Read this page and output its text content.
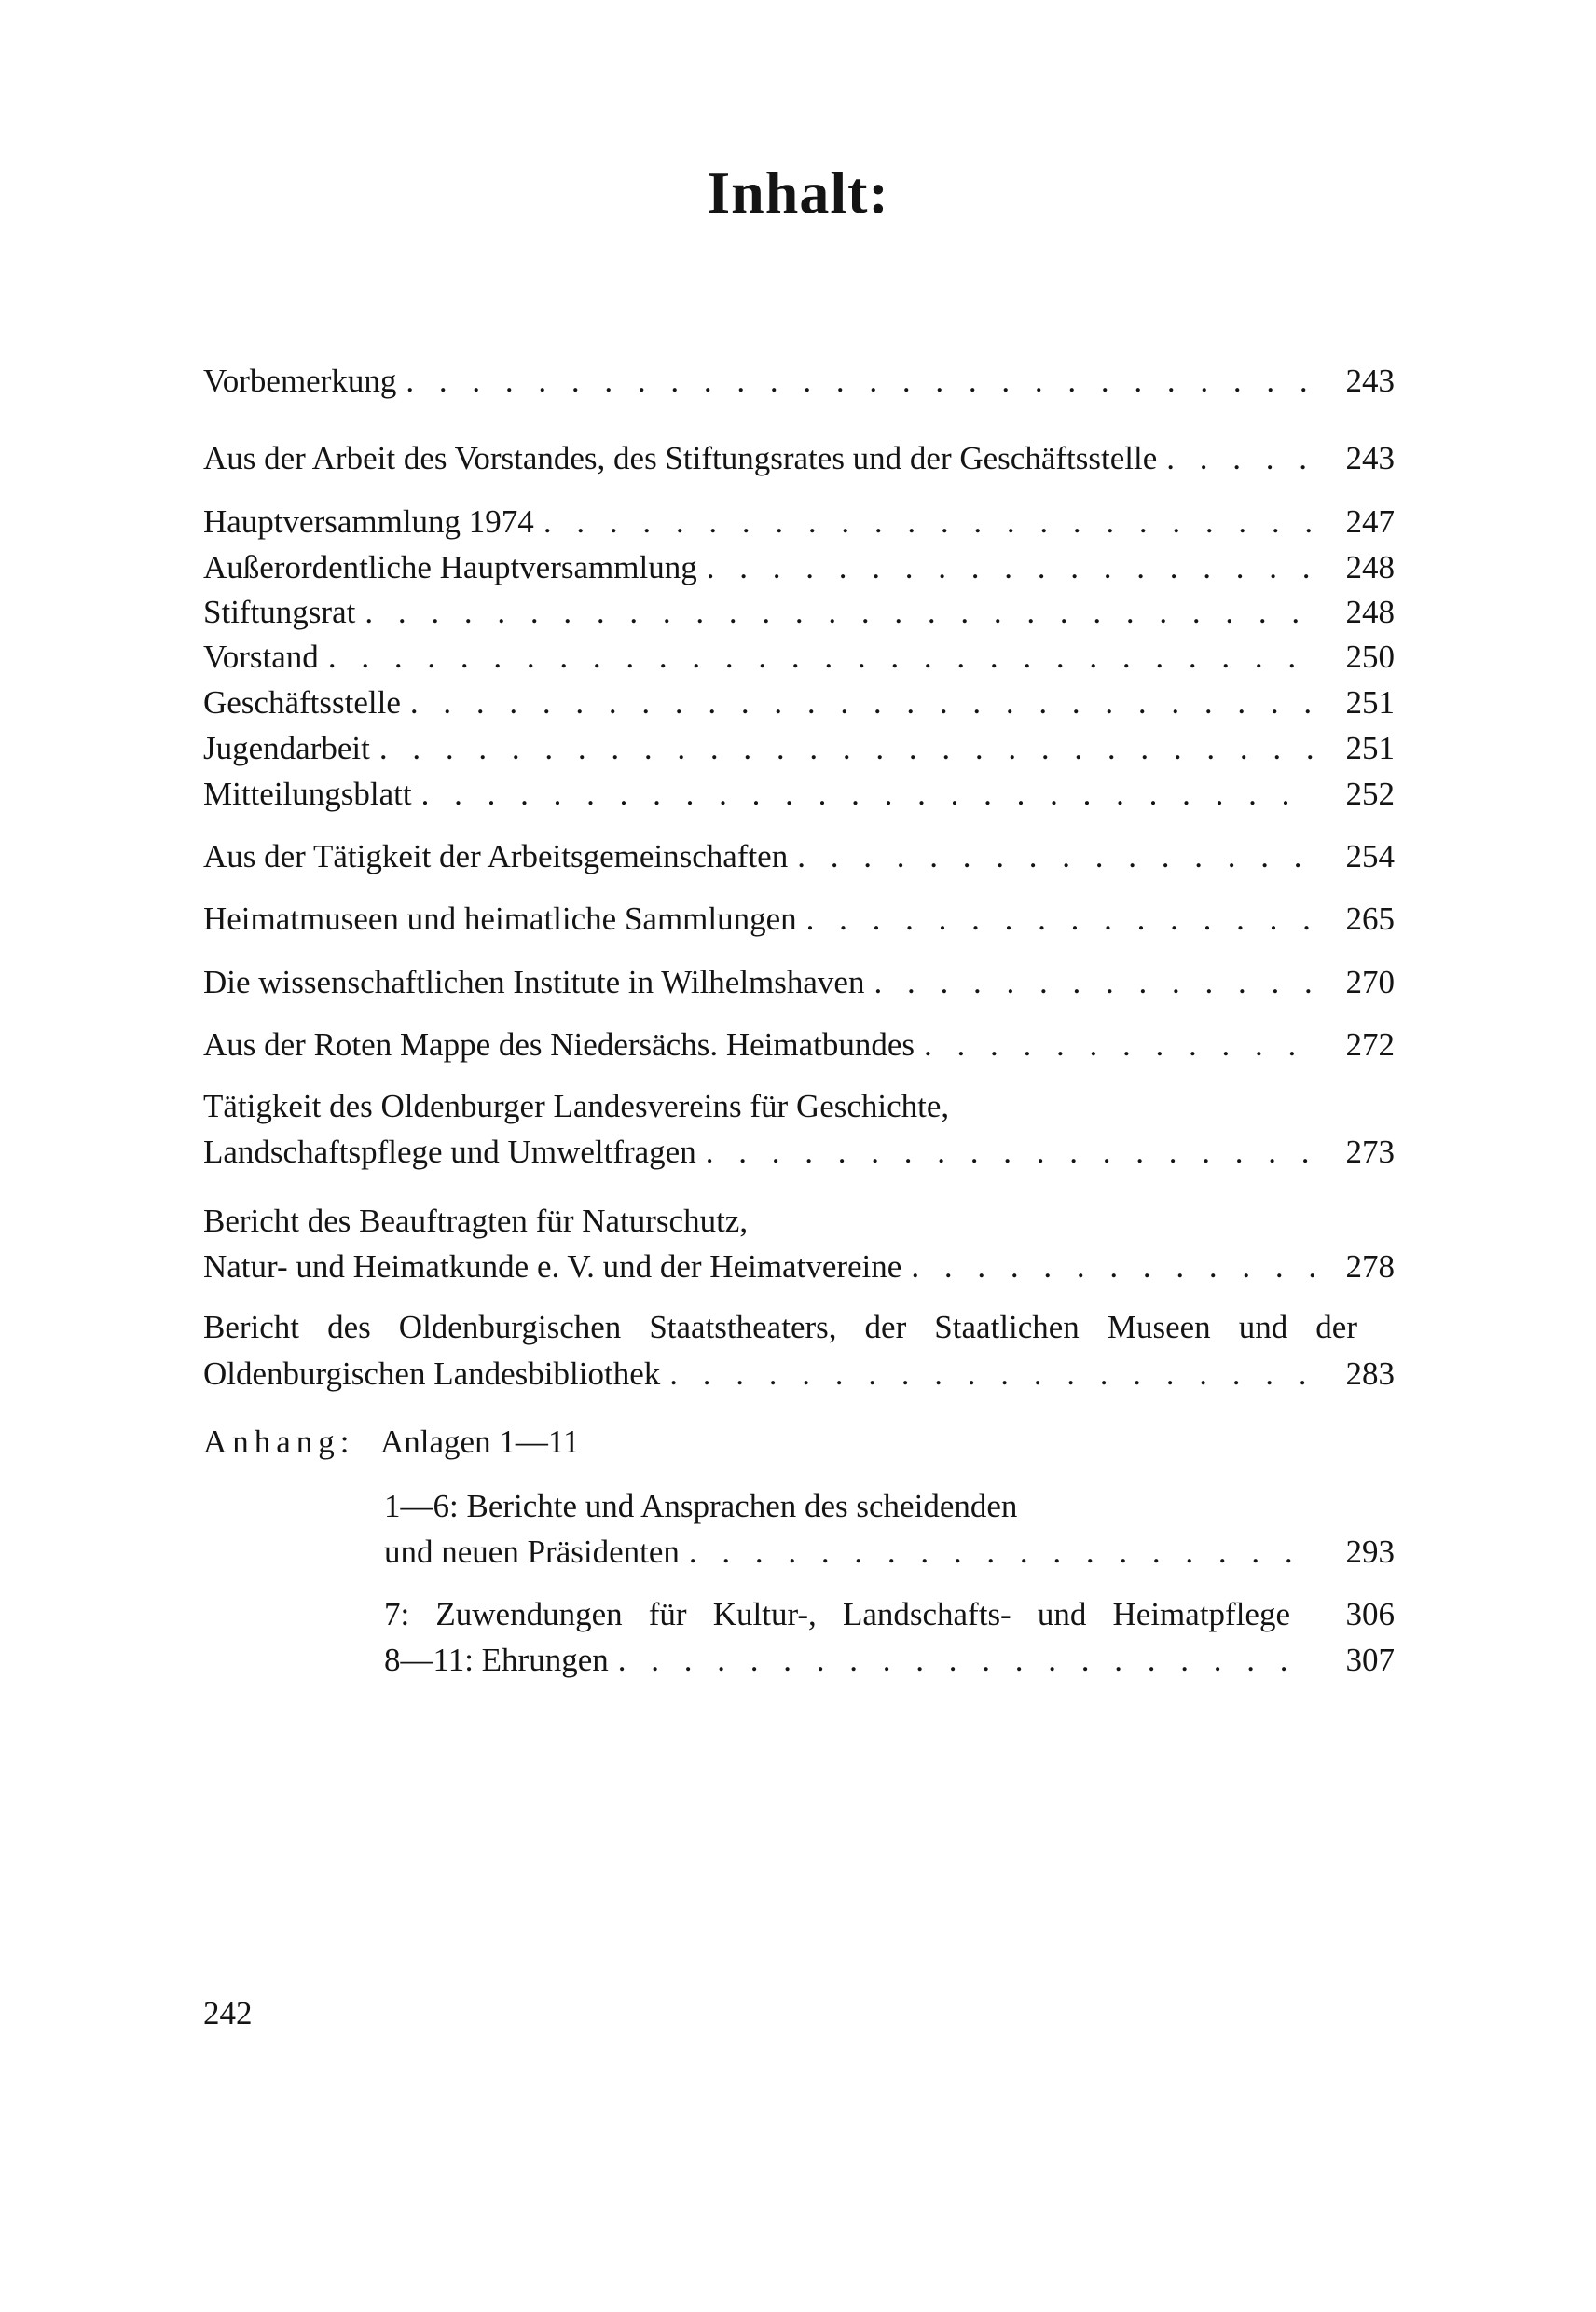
Inhalt:
Vorbemerkung . . .	243
Aus der Arbeit des Vorstandes, des Stiftungsrates und der Geschäftsstelle . . .	243
Hauptversammlung 1974 . . .	247
Außerordentliche Hauptversammlung . . .	248
Stiftungsrat . . .	248
Vorstand . . .	250
Geschäftsstelle . . .	251
Jugendarbeit . . .	251
Mitteilungsblatt . . .	252
Aus der Tätigkeit der Arbeitsgemeinschaften . . .	254
Heimatmuseen und heimatliche Sammlungen . . .	265
Die wissenschaftlichen Institute in Wilhelmshaven . . .	270
Aus der Roten Mappe des Niedersächs. Heimatbundes . . .	272
Tätigkeit des Oldenburger Landesvereins für Geschichte,
Landschaftspflege und Umweltfragen . . .	273
Bericht des Beauftragten für Naturschutz,
Natur- und Heimatkunde e. V. und der Heimatvereine . . .	278
Bericht des Oldenburgischen Staatstheaters, der Staatlichen Museen und der
Oldenburgischen Landesbibliothek . . .	283
Anhang: Anlagen 1—11
1—6: Berichte und Ansprachen des scheidenden
und neuen Präsidenten . . .	293
7: Zuwendungen für Kultur-, Landschafts- und Heimatpflege	306
8—11: Ehrungen . . .	307
242
